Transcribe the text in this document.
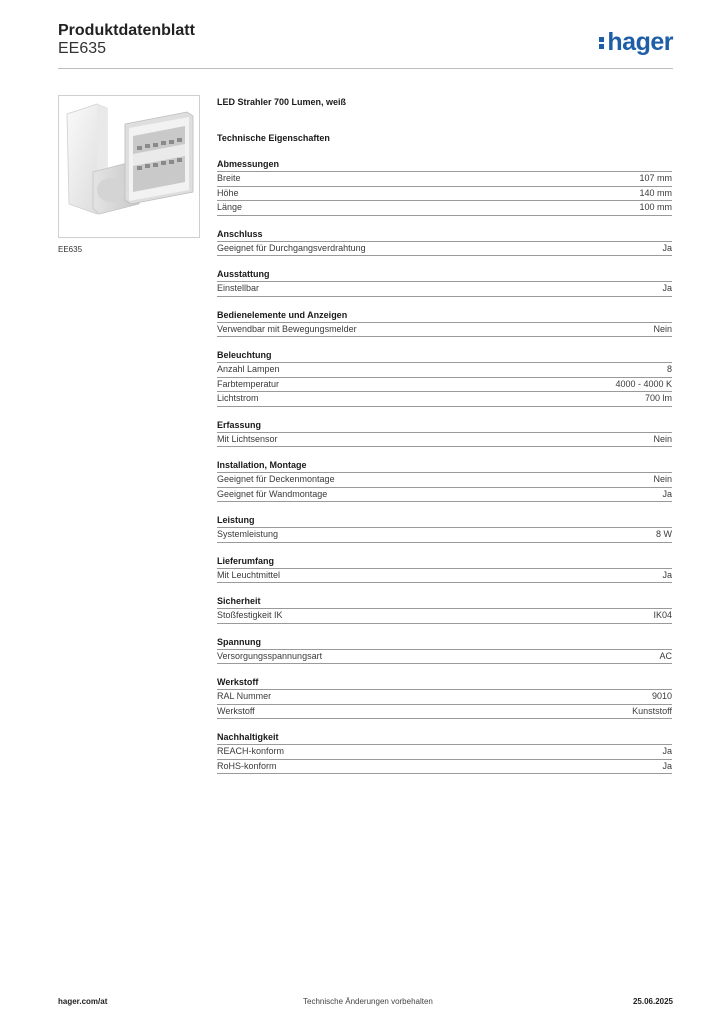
Produktdatenblatt
EE635	hager
EE635
LED Strahler 700 Lumen, weiß
Technische Eigenschaften
Abmessungen
Breite	107 mm
Höhe	140 mm
Länge	100 mm
Anschluss
Geeignet für Durchgangsverdrahtung	Ja
Ausstattung
Einstellbar	Ja
Bedienelemente und Anzeigen
Verwendbar mit Bewegungsmelder	Nein
Beleuchtung
Anzahl Lampen	8
Farbtemperatur	4000 - 4000 K
Lichtstrom	700 lm
Erfassung
Mit Lichtsensor	Nein
Installation, Montage
Geeignet für Deckenmontage	Nein
Geeignet für Wandmontage	Ja
Leistung
Systemleistung	8 W
Lieferumfang
Mit Leuchtmittel	Ja
Sicherheit
Stoßfestigkeit IK	IK04
Spannung
Versorgungsspannungsart	AC
Werkstoff
RAL Nummer	9010
Werkstoff	Kunststoff
Nachhaltigkeit
REACH-konform	Ja
RoHS-konform	Ja
hager.com/at	Technische Änderungen vorbehalten	25.06.2025
